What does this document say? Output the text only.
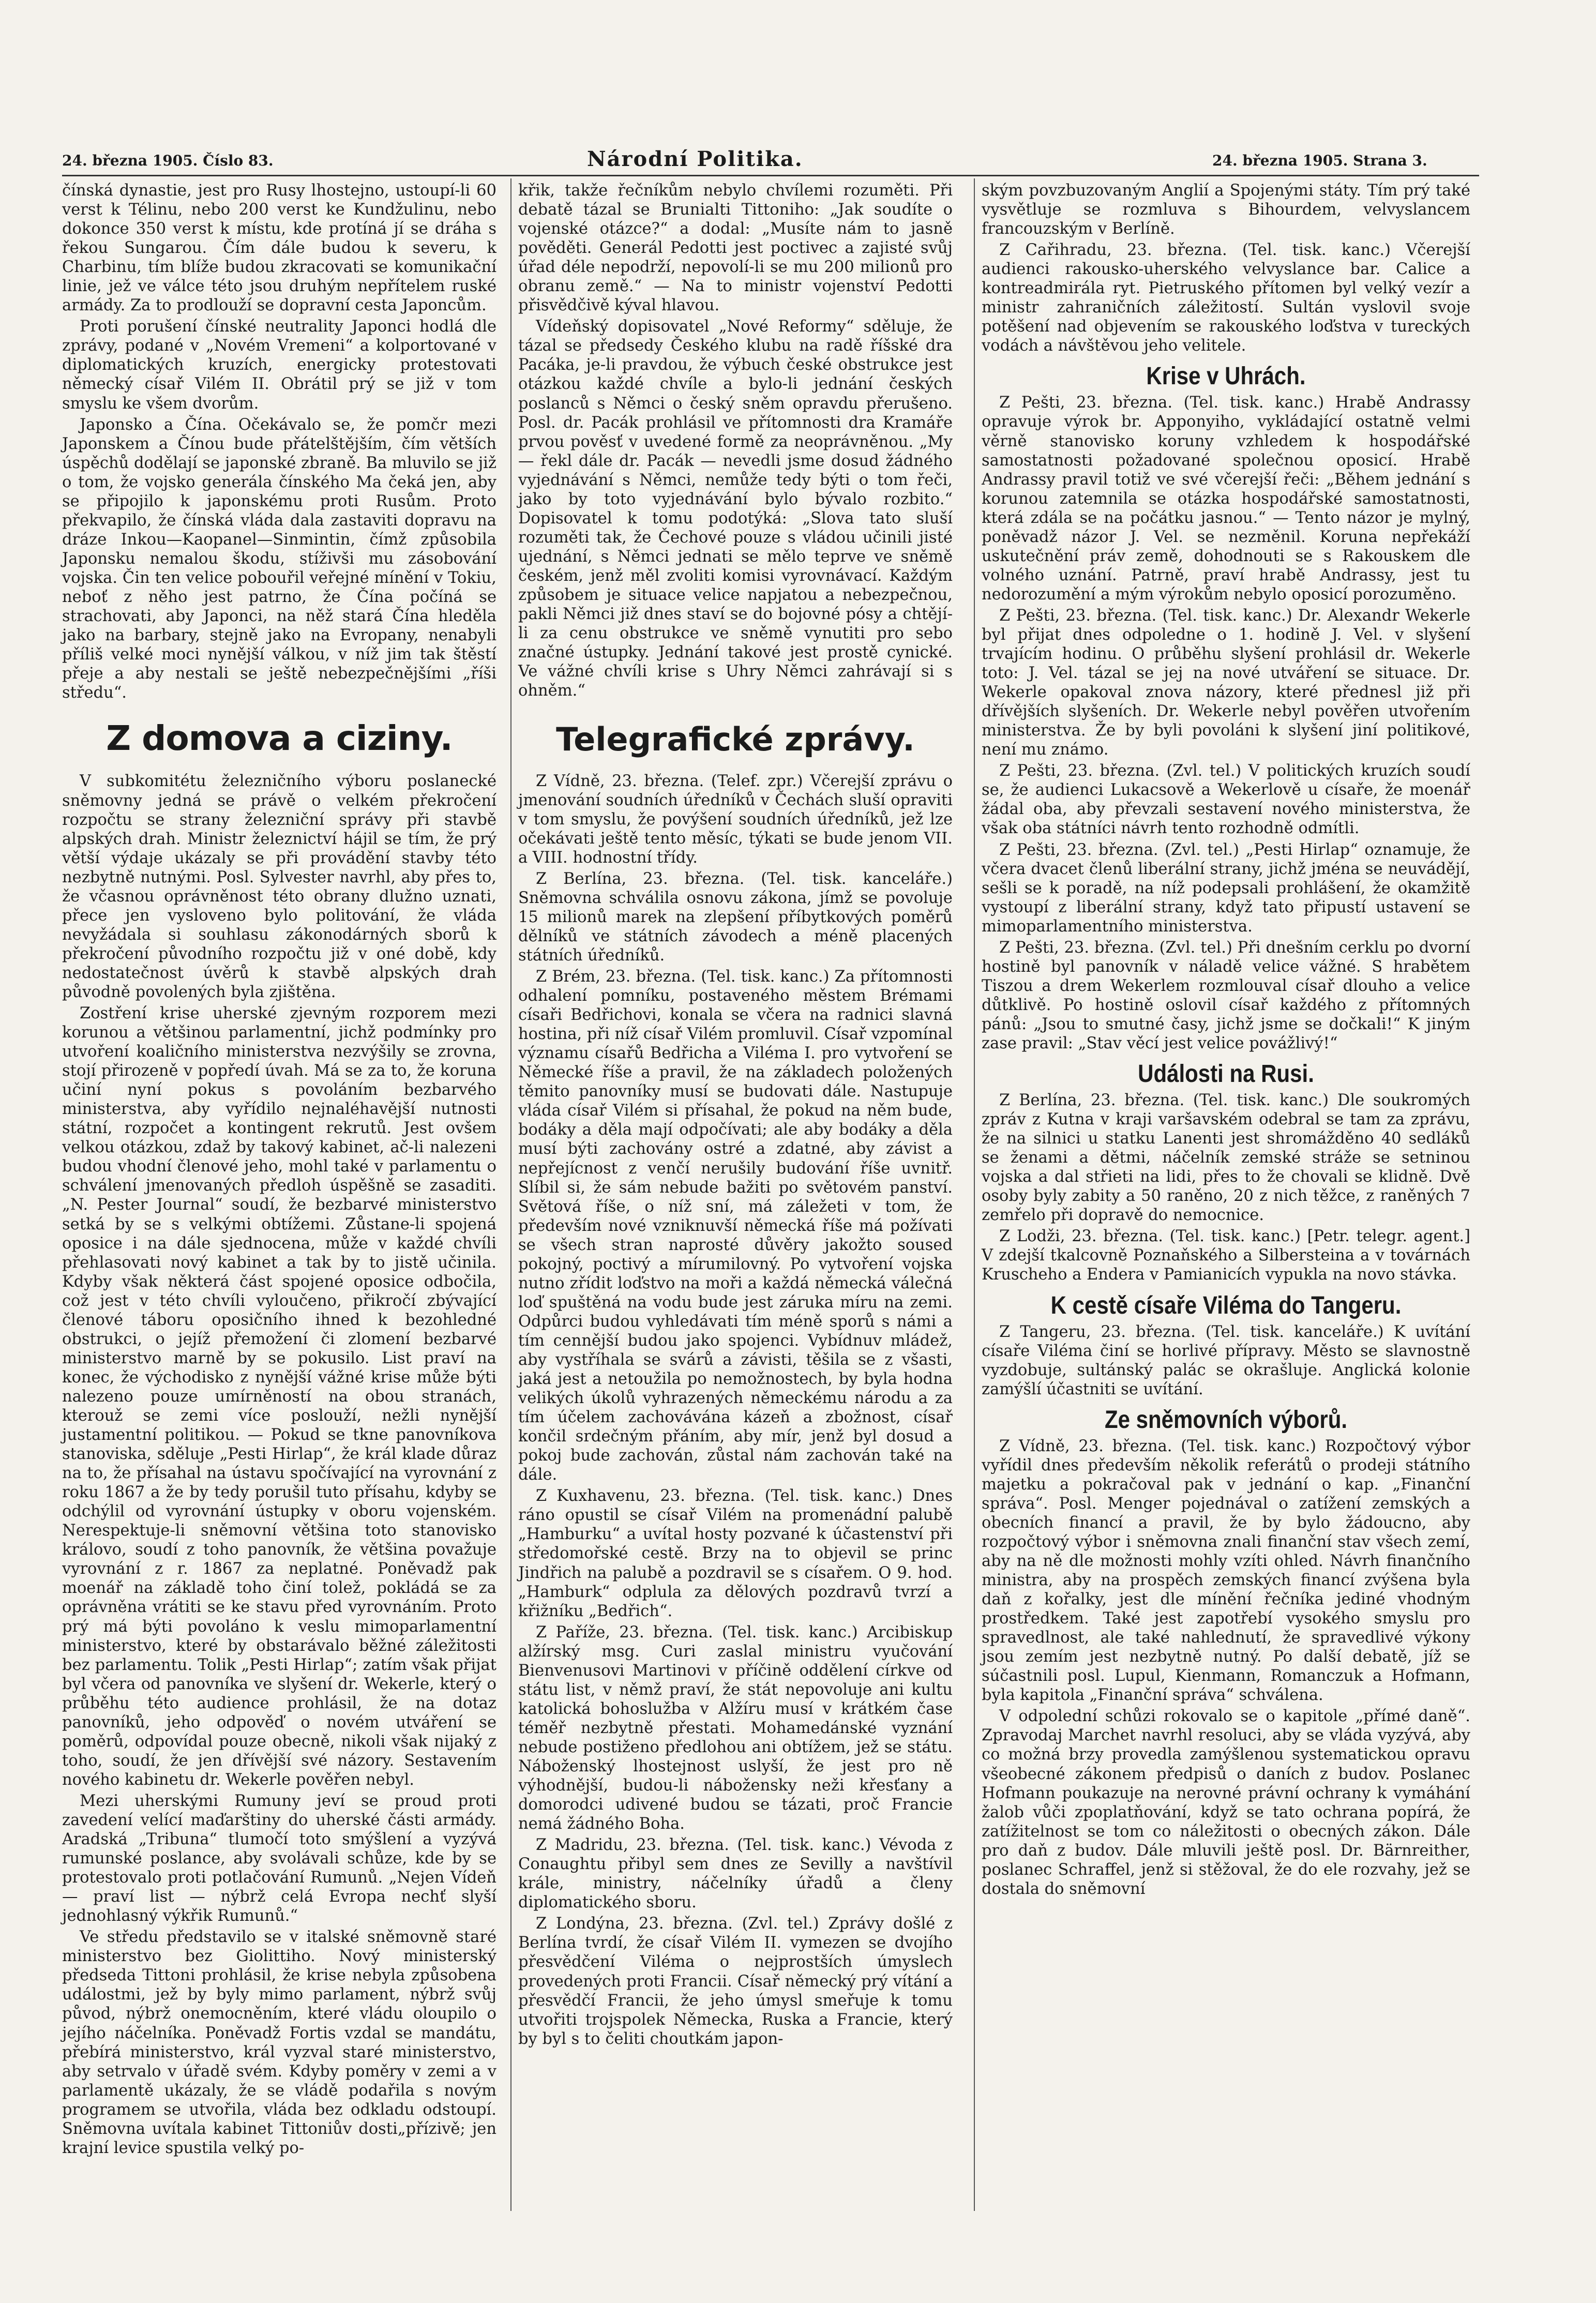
24. března 1905. Číslo 83.	Národní Politika.	24. března 1905. Strana 3.

čínská dynastie, jest pro Rusy lhostejno, ustoupí-li 60 verst k Télinu, nebo 200 verst ke Kundžulinu, nebo dokonce 350 verst k místu, kde protíná jí se dráha s řekou Sungarou. Čím dále budou k severu, k Charbinu, tím blíže budou zkracovati se komunikační linie, jež ve válce této jsou druhým nepřítelem ruské armády. Za to prodlouží se dopravní cesta Japoncům.

Proti porušení čínské neutrality Japonci hodlá dle zprávy, podané v „Novém Vremeni“ a kolportované v diplomatických kruzích, energicky protestovati německý císař Vilém II. Obrátil prý se již v tom smyslu ke všem dvorům.

Japonsko a Čína. Očekávalo se, že pomčr mezi Japonskem a Čínou bude přátelštějším, čím větších úspěchů dodělají se japonské zbraně. Ba mluvilo se již o tom, že vojsko generála čínského Ma čeká jen, aby se připojilo k japonskému proti Rusům. Proto překvapilo, že čínská vláda dala zastaviti dopravu na dráze Inkou—Kaopanel—Sinmintin, čímž způsobila Japonsku nemalou škodu, stíživši mu zásobování vojska. Čin ten velice pobouřil veřejné mínění v Tokiu, neboť z něho jest patrno, že Čína počíná se strachovati, aby Japonci, na něž stará Čína hleděla jako na barbary, stejně jako na Evropany, nenabyli příliš velké moci nynější válkou, v níž jim tak štěstí přeje a aby nestali se ještě nebezpečnějšími „říši středu“.

Z domova a ciziny.

V subkomitétu železničního výboru poslanecké sněmovny jedná se právě o velkém překročení rozpočtu se strany železniční správy při stavbě alpských drah. Ministr železnictví hájil se tím, že prý větší výdaje ukázaly se při provádění stavby této nezbytně nutnými. Posl. Sylvester navrhl, aby přes to, že včasnou oprávněnost této obrany dlužno uznati, přece jen vysloveno bylo politování, že vláda nevyžádala si souhlasu zákonodárných sborů k překročení původního rozpočtu již v oné době, kdy nedostatečnost úvěrů k stavbě alpských drah původně povolených byla zjištěna.

Zostření krise uherské zjevným rozporem mezi korunou a většinou parlamentní, jichž podmínky pro utvoření koaličního ministerstva nezvýšily se zrovna, stojí přirozeně v popředí úvah. Má se za to, že koruna učiní nyní pokus s povoláním bezbarvého ministerstva, aby vyřídilo nejnaléhavější nutnosti státní, rozpočet a kontingent rekrutů. Jest ovšem velkou otázkou, zdaž by takový kabinet, ač-li nalezeni budou vhodní členové jeho, mohl také v parlamentu o schválení jmenovaných předloh úspěšně se zasaditi. „N. Pester Journal“ soudí, že bezbarvé ministerstvo setká by se s velkými obtížemi. Zůstane-li spojená oposice i na dále sjednocena, může v každé chvíli přehlasovati nový kabinet a tak by to jistě učinila. Kdyby však některá část spojené oposice odbočila, což jest v této chvíli vyloučeno, přikročí zbývající členové táboru oposičního ihned k bezohledné obstrukci, o jejíž přemožení či zlomení bezbarvé ministerstvo marně by se pokusilo. List praví na konec, že východisko z nynější vážné krise může býti nalezeno pouze umírněností na obou stranách, kterouž se zemi více poslouží, nežli nynější justamentní politikou. — Pokud se tkne panovníkova stanoviska, sděluje „Pesti Hirlap“, že král klade důraz na to, že přísahal na ústavu spočívající na vyrovnání z roku 1867 a že by tedy porušil tuto přísahu, kdyby se odchýlil od vyrovnání ústupky v oboru vojenském. Nerespektuje-li sněmovní většina toto stanovisko královo, soudí z toho panovník, že většina považuje vyrovnání z r. 1867 za neplatné. Poněvadž pak moenář na základě toho činí tolež, pokládá se za oprávněna vrátiti se ke stavu před vyrovnáním. Proto prý má býti povoláno k veslu mimoparlamentní ministerstvo, které by obstarávalo běžné záležitosti bez parlamentu. Tolik „Pesti Hirlap“; zatím však přijat byl včera od panovníka ve slyšení dr. Wekerle, který o průběhu této audience prohlásil, že na dotaz panovníků, jeho odpověď o novém utváření se poměrů, odpovídal pouze obecně, nikoli však nijaký z toho, soudí, že jen dřívější své názory. Sestavením nového kabinetu dr. Wekerle pověřen nebyl.

Mezi uherskými Rumuny jeví se proud proti zavedení velící maďarštiny do uherské části armády. Aradská „Tribuna“ tlumočí toto smýšlení a vyzývá rumunské poslance, aby svolávali schůze, kde by se protestovalo proti potlačování Rumunů. „Nejen Vídeň — praví list — nýbrž celá Evropa nechť slyší jednohlasný výkřik Rumunů.“

Ve středu představilo se v italské sněmovně staré ministerstvo bez Giolittiho. Nový ministerský předseda Tittoni prohlásil, že krise nebyla způsobena událostmi, jež by byly mimo parlament, nýbrž svůj původ, nýbrž onemocněním, které vládu oloupilo o jejího náčelníka. Poněvadž Fortis vzdal se mandátu, přebírá ministerstvo, král vyzval staré ministerstvo, aby setrvalo v úřadě svém. Kdyby poměry v zemi a v parlamentě ukázaly, že se vládě podařila s novým programem se utvořila, vláda bez odkladu odstoupí. Sněmovna uvítala kabinet Tittoniův dosti„přízivě; jen krajní levice spustila velký po-

křik, takže řečníkům nebylo chvílemi rozuměti. Při debatě tázal se Brunialti Tittoniho: „Jak soudíte o vojenské otázce?“ a dodal: „Musíte nám to jasně pověděti. Generál Pedotti jest poctivec a zajisté svůj úřad déle nepodrží, nepovolí-li se mu 200 milionů pro obranu země.“ — Na to ministr vojenství Pedotti přisvědčivě kýval hlavou.

Vídeňský dopisovatel „Nové Reformy“ sděluje, že tázal se předsedy Českého klubu na radě říšské dra Pacáka, je-li pravdou, že výbuch české obstrukce jest otázkou každé chvíle a bylo-li jednání českých poslanců s Němci o český sněm opravdu přerušeno. Posl. dr. Pacák prohlásil ve přítomnosti dra Kramáře prvou pověsť v uvedené formě za neoprávněnou. „My — řekl dále dr. Pacák — nevedli jsme dosud žádného vyjednávání s Němci, nemůže tedy býti o tom řeči, jako by toto vyjednávání bylo bývalo rozbito.“ Dopisovatel k tomu podotýká: „Slova tato sluší rozuměti tak, že Čechové pouze s vládou učinili jisté ujednání, s Němci jednati se mělo teprve ve sněmě českém, jenž měl zvoliti komisi vyrovnávací. Každým způsobem je situace velice napjatou a nebezpečnou, pakli Němci již dnes staví se do bojovné pósy a chtějí-li za cenu obstrukce ve sněmě vynutiti pro sebo značné ústupky. Jednání takové jest prostě cynické. Ve vážné chvíli krise s Uhry Němci zahrávají si s ohněm.“

Telegrafické zprávy.

Z Vídně, 23. března. (Telef. zpr.) Včerejší zprávu o jmenování soudních úředníků v Čechách sluší opraviti v tom smyslu, že povýšení soudních úředníků, jež lze očekávati ještě tento měsíc, týkati se bude jenom VII. a VIII. hodnostní třídy.

Z Berlína, 23. března. (Tel. tisk. kanceláře.) Sněmovna schválila osnovu zákona, jímž se povoluje 15 milionů marek na zlepšení příbytkových poměrů dělníků ve státních závodech a méně placených státních úředníků.

Z Brém, 23. března. (Tel. tisk. kanc.) Za přítomnosti odhalení pomníku, postaveného městem Brémami císaři Bedřichovi, konala se včera na radnici slavná hostina, při níž císař Vilém promluvil. Císař vzpomínal významu císařů Bedřicha a Viléma I. pro vytvoření se Německé říše a pravil, že na základech položených těmito panovníky musí se budovati dále. Nastupuje vláda císař Vilém si přísahal, že pokud na něm bude, bodáky a děla mají odpočívati; ale aby bodáky a děla musí býti zachovány ostré a zdatné, aby závist a nepřejícnost z venčí nerušily budování říše uvnitř. Slíbil si, že sám nebude bažiti po světovém panství. Světová říše, o níž sní, má záležeti v tom, že především nové vzniknuvší německá říše má požívati se všech stran naprosté důvěry jakožto soused pokojný, poctivý a mírumilovný. Po vytvoření vojska nutno zřídit loďstvo na moři a každá německá válečná loď spuštěná na vodu bude jest záruka míru na zemi. Odpůrci budou vyhledávati tím méně sporů s námi a tím cennější budou jako spojenci. Vybídnuv mládež, aby vystříhala se svárů a závisti, těšila se z všasti, jaká jest a netoužila po nemožnostech, by byla hodna velikých úkolů vyhrazených německému národu a za tím účelem zachovávána kázeň a zbožnost, císař končil srdečným přáním, aby mír, jenž byl dosud a pokoj bude zachován, zůstal nám zachován také na dále.

Z Kuxhavenu, 23. března. (Tel. tisk. kanc.) Dnes ráno opustil se císař Vilém na promenádní palubě „Hamburku“ a uvítal hosty pozvané k účastenství při středomořské cestě. Brzy na to objevil se princ Jindřich na palubě a pozdravil se s císařem. O 9. hod. „Hamburk“ odplula za dělových pozdravů tvrzí a křižníku „Bedřich“.

Z Paříže, 23. března. (Tel. tisk. kanc.) Arcibiskup alžírský msg. Curi zaslal ministru vyučování Bienvenusovi Martinovi v příčině oddělení církve od státu list, v němž praví, že stát nepovoluje ani kultu katolická bohoslužba v Alžíru musí v krátkém čase téměř nezbytně přestati. Mohamedánské vyznání nebude postiženo předlohou ani obtížem, jež se státu. Náboženský lhostejnost uslyší, že jest pro ně výhodnější, budou-li nábožensky neži křesťany a domorodci udivené budou se tázati, proč Francie nemá žádného Boha.

Z Madridu, 23. března. (Tel. tisk. kanc.) Vévoda z Conaughtu přibyl sem dnes ze Sevilly a navštívil krále, ministry, náčelníky úřadů a členy diplomatického sboru.

Z Londýna, 23. března. (Zvl. tel.) Zprávy došlé z Berlína tvrdí, že císař Vilém II. vymezen se dvojího přesvědčení Viléma o nejprostších úmyslech provedených proti Francii. Císař německý prý vítání a přesvědčí Francii, že jeho úmysl smeřuje k tomu utvořiti trojspolek Německa, Ruska a Francie, který by byl s to čeliti choutkám japon-

ským povzbuzovaným Anglií a Spojenými státy. Tím prý také vysvětluje se rozmluva s Bihourdem, velvyslancem francouzským v Berlíně.

Z Cařihradu, 23. března. (Tel. tisk. kanc.) Včerejší audienci rakousko-uherského velvyslance bar. Calice a kontreadmirála ryt. Pietruského přítomen byl velký vezír a ministr zahraničních záležitostí. Sultán vyslovil svoje potěšení nad objevením se rakouského loďstva v tureckých vodách a návštěvou jeho velitele.

Krise v Uhrách.

Z Pešti, 23. března. (Tel. tisk. kanc.) Hrabě Andrassy opravuje výrok br. Apponyiho, vykládající ostatně velmi věrně stanovisko koruny vzhledem k hospodářské samostatnosti požadované společnou oposicí. Hrabě Andrassy pravil totiž ve své včerejší řeči: „Během jednání s korunou zatemnila se otázka hospodářské samostatnosti, která zdála se na počátku jasnou.“ — Tento názor je mylný, poněvadž názor J. Vel. se nezměnil. Koruna nepřekáží uskutečnění práv země, dohodnouti se s Rakouskem dle volného uznání. Patrně, praví hrabě Andrassy, jest tu nedorozumění a mým výrokům nebylo oposicí porozuměno.

Z Pešti, 23. března. (Tel. tisk. kanc.) Dr. Alexandr Wekerle byl přijat dnes odpoledne o 1. hodině J. Vel. v slyšení trvajícím hodinu. O průběhu slyšení prohlásil dr. Wekerle toto: J. Vel. tázal se jej na nové utváření se situace. Dr. Wekerle opakoval znova názory, které přednesl již při dřívějších slyšeních. Dr. Wekerle nebyl pověřen utvořením ministerstva. Že by byli povoláni k slyšení jiní politikové, není mu známo.

Z Pešti, 23. března. (Zvl. tel.) V politických kruzích soudí se, že audienci Lukacsově a Wekerlově u císaře, že moenář žádal oba, aby převzali sestavení nového ministerstva, že však oba státníci návrh tento rozhodně odmítli.

Z Pešti, 23. března. (Zvl. tel.) „Pesti Hirlap“ oznamuje, že včera dvacet členů liberální strany, jichž jména se neuvádějí, sešli se k poradě, na níž podepsali prohlášení, že okamžitě vystoupí z liberální strany, když tato připustí ustavení se mimoparlamentního ministerstva.

Z Pešti, 23. března. (Zvl. tel.) Při dnešním cerklu po dvorní hostině byl panovník v náladě velice vážné. S hrabětem Tiszou a drem Wekerlem rozmlouval císař dlouho a velice důtklivě. Po hostině oslovil císař každého z přítomných pánů: „Jsou to smutné časy, jichž jsme se dočkali!“ K jiným zase pravil: „Stav věcí jest velice povážlivý!“

Události na Rusi.

Z Berlína, 23. března. (Tel. tisk. kanc.) Dle soukromých zpráv z Kutna v kraji varšavském odebral se tam za zprávu, že na silnici u statku Lanenti jest shromážděno 40 sedláků se ženami a dětmi, náčelník zemské stráže se setninou vojska a dal střieti na lidi, přes to že chovali se klidně. Dvě osoby byly zabity a 50 raněno, 20 z nich těžce, z raněných 7 zemřelo při dopravě do nemocnice.

Z Lodži, 23. března. (Tel. tisk. kanc.) [Petr. telegr. agent.] V zdejší tkalcovně Poznaňského a Silbersteina a v továrnách Kruscheho a Endera v Pamianicích vypukla na novo stávka.

K cestě císaře Viléma do Tangeru.

Z Tangeru, 23. března. (Tel. tisk. kanceláře.) K uvítání císaře Viléma činí se horlivé přípravy. Město se slavnostně vyzdobuje, sultánský palác se okrašluje. Anglická kolonie zamýšlí účastniti se uvítání.

Ze sněmovních výborů.

Z Vídně, 23. března. (Tel. tisk. kanc.) Rozpočtový výbor vyřídil dnes především několik referátů o prodeji státního majetku a pokračoval pak v jednání o kap. „Finanční správa“. Posl. Menger pojednával o zatížení zemských a obecních financí a pravil, že by bylo žádoucno, aby rozpočtový výbor i sněmovna znali finanční stav všech zemí, aby na ně dle možnosti mohly vzíti ohled. Návrh finančního ministra, aby na prospěch zemských financí zvýšena byla daň z kořalky, jest dle mínění řečníka jediné vhodným prostředkem. Také jest zapotřebí vysokého smyslu pro spravedlnost, ale také nahlednutí, že spravedlivé výkony jsou zemím jest nezbytně nutný. Po další debatě, jíž se súčastnili posl. Lupul, Kienmann, Romanczuk a Hofmann, byla kapitola „Finanční správa“ schválena.

V odpolední schůzi rokovalo se o kapitole „přímé daně“. Zpravodaj Marchet navrhl resoluci, aby se vláda vyzývá, aby co možná brzy provedla zamýšlenou systematickou opravu všeobecné zákonem předpisů o daních z budov. Poslanec Hofmann poukazuje na nerovné právní ochrany k vymáhání žalob vůči zpoplatňování, když se tato ochrana popírá, že zatížitelnost se tom co náležitosti o obecných zákon. Dále pro daň z budov. Dále mluvili ještě posl. Dr. Bärnreither, poslanec Schraffel, jenž si stěžoval, že do ele rozvahy, jež se dostala do sněmovní
